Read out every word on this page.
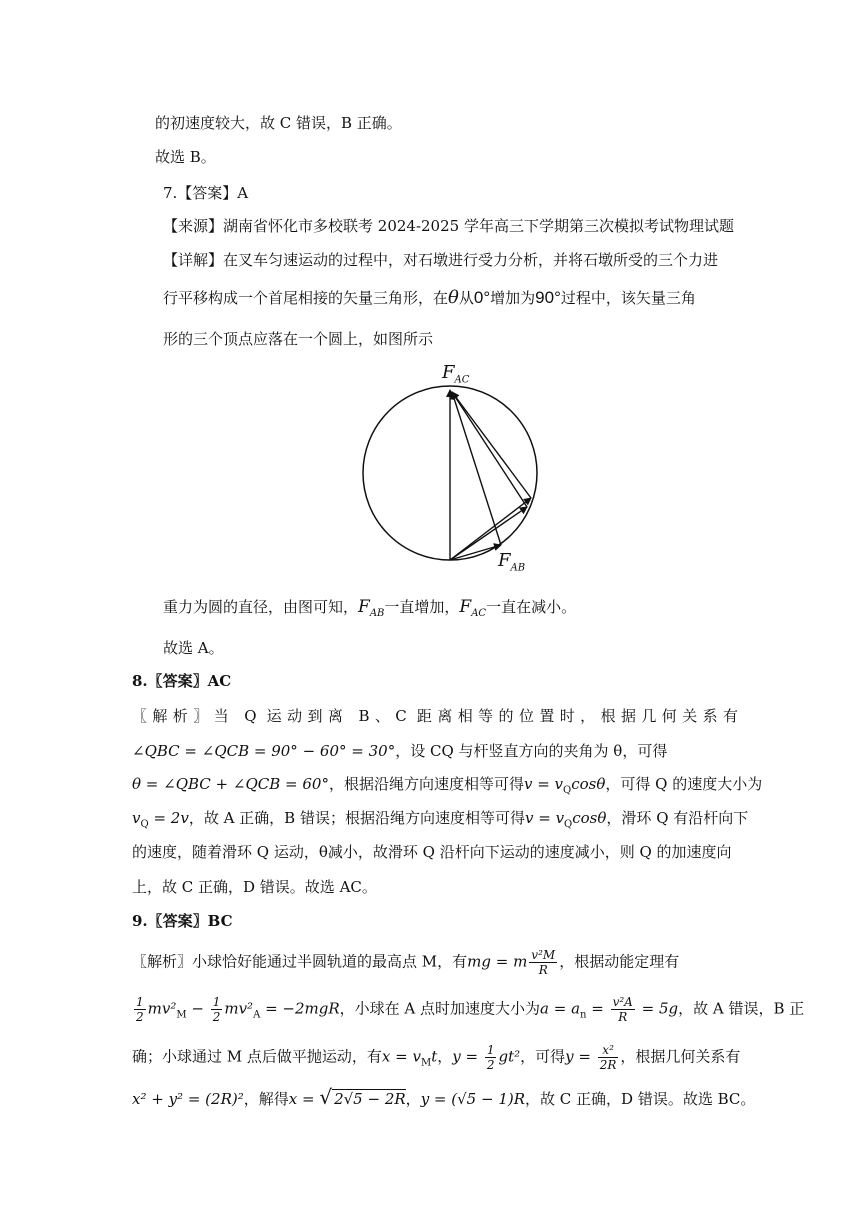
的初速度较大，故 C 错误，B 正确。
故选 B。
7.【答案】A
【来源】湖南省怀化市多校联考 2024-2025 学年高三下学期第三次模拟考试物理试题
【详解】在叉车匀速运动的过程中，对石墩进行受力分析，并将石墩所受的三个力进
行平移构成一个首尾相接的矢量三角形，在θ从0°增加为90°过程中，该矢量三角
形的三个顶点应落在一个圆上，如图所示
$F_{AC}$
$F_{AB}$
重力为圆的直径，由图可知，$F_{AB}$一直增加，$F_{AC}$一直在减小。
故选 A。
8.〖答案〗AC
〖解析〗当 Q 运动到离 B、C 距离相等的位置时，根据几何关系有
∠QBC = ∠QCB = 90° − 60° = 30°，设 CQ 与杆竖直方向的夹角为 θ，可得
θ = ∠QBC + ∠QCB = 60°，根据沿绳方向速度相等可得$v = v_Q\cos\theta$，可得 Q 的速度大小为
$v_Q = 2v$，故 A 正确，B 错误；根据沿绳方向速度相等可得$v = v_Q\cos\theta$，滑环 Q 有沿杆向下
的速度，随着滑环 Q 运动，θ减小，故滑环 Q 沿杆向下运动的速度减小，则 Q 的加速度向
上，故 C 正确，D 错误。故选 AC。
9.〖答案〗BC
〖解析〗小球恰好能通过半圆轨道的最高点 M，有mg = m $\frac{\text{v²M}}{R}$ ，根据动能定理有
$\frac{1}{2} mv^2_M - \frac{1}{2} mv^2_A = -2mgR$，小球在 A 点时加速度大小为$a = a_n = \frac{\text{v²A}}{R} = 5g$，故 A 错误，B 正
确；小球通过 M 点后做平抛运动，有$x = v_Mt$，$y = \frac{1}{2} gt^2$，可得$y = \frac{\text{x²}}{2R}$ ，根据几何关系有
x² + y² = (2R)²，解得x = √ 2√5 − 2R，y = (√5 − 1)R，故 C 正确，D 错误。故选 BC。
